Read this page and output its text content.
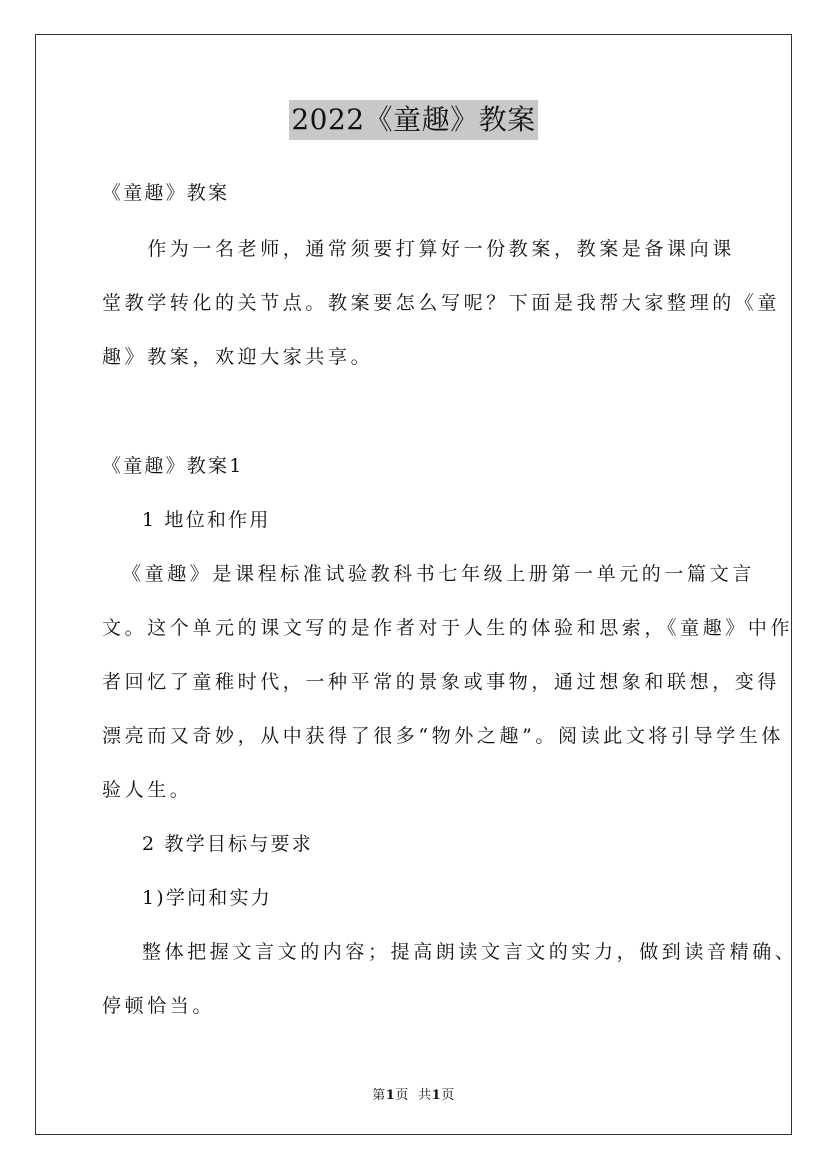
2022《童趣》教案
《童趣》教案
　　作为一名老师，通常须要打算好一份教案，教案是备课向课
堂教学转化的关节点。教案要怎么写呢？下面是我帮大家整理的《童
趣》教案，欢迎大家共享。
《童趣》教案1
1 地位和作用
《童趣》是课程标准试验教科书七年级上册第一单元的一篇文言
文。这个单元的课文写的是作者对于人生的体验和思索，《童趣》中作
者回忆了童稚时代，一种平常的景象或事物，通过想象和联想，变得
漂亮而又奇妙，从中获得了很多“物外之趣”。阅读此文将引导学生体
验人生。
2 教学目标与要求
1)学问和实力
整体把握文言文的内容；提高朗读文言文的实力，做到读音精确、
停顿恰当。
第1页 共1页
